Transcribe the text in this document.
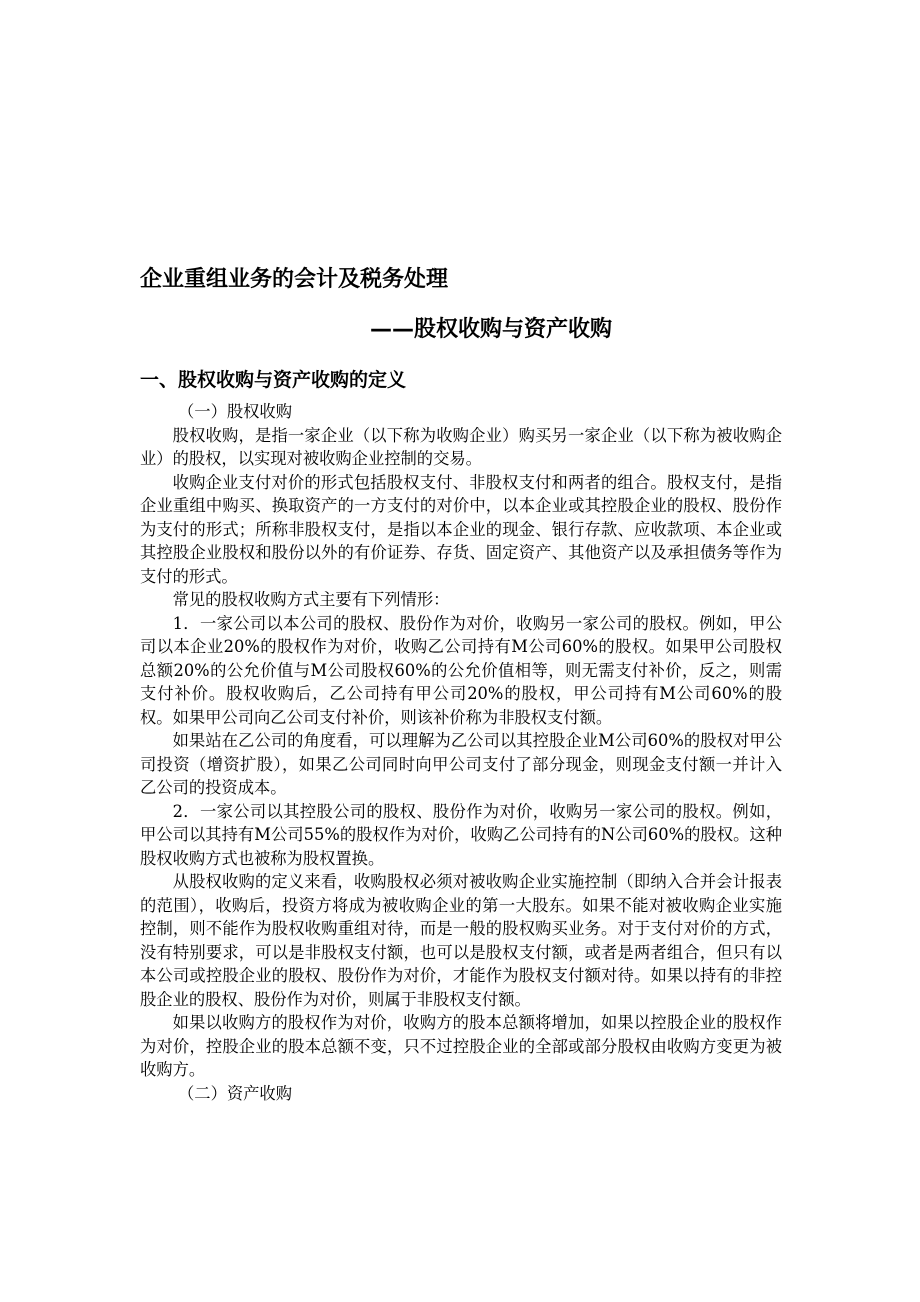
企业重组业务的会计及税务处理
——股权收购与资产收购
一、股权收购与资产收购的定义

（一）股权收购

股权收购，是指一家企业（以下称为收购企业）购买另一家企业（以下称为被收购企业）的股权，以实现对被收购企业控制的交易。

收购企业支付对价的形式包括股权支付、非股权支付和两者的组合。股权支付，是指企业重组中购买、换取资产的一方支付的对价中，以本企业或其控股企业的股权、股份作为支付的形式；所称非股权支付，是指以本企业的现金、银行存款、应收款项、本企业或其控股企业股权和股份以外的有价证券、存货、固定资产、其他资产以及承担债务等作为支付的形式。

常见的股权收购方式主要有下列情形：

1．一家公司以本公司的股权、股份作为对价，收购另一家公司的股权。例如，甲公司以本企业20%的股权作为对价，收购乙公司持有M公司60%的股权。如果甲公司股权总额20%的公允价值与M公司股权60%的公允价值相等，则无需支付补价，反之，则需支付补价。股权收购后，乙公司持有甲公司20%的股权，甲公司持有M公司60%的股权。如果甲公司向乙公司支付补价，则该补价称为非股权支付额。

如果站在乙公司的角度看，可以理解为乙公司以其控股企业M公司60%的股权对甲公司投资（增资扩股），如果乙公司同时向甲公司支付了部分现金，则现金支付额一并计入乙公司的投资成本。

2．一家公司以其控股公司的股权、股份作为对价，收购另一家公司的股权。例如，甲公司以其持有M公司55%的股权作为对价，收购乙公司持有的N公司60%的股权。这种股权收购方式也被称为股权置换。

从股权收购的定义来看，收购股权必须对被收购企业实施控制（即纳入合并会计报表的范围），收购后，投资方将成为被收购企业的第一大股东。如果不能对被收购企业实施控制，则不能作为股权收购重组对待，而是一般的股权购买业务。对于支付对价的方式，没有特别要求，可以是非股权支付额，也可以是股权支付额，或者是两者组合，但只有以本公司或控股企业的股权、股份作为对价，才能作为股权支付额对待。如果以持有的非控股企业的股权、股份作为对价，则属于非股权支付额。

如果以收购方的股权作为对价，收购方的股本总额将增加，如果以控股企业的股权作为对价，控股企业的股本总额不变，只不过控股企业的全部或部分股权由收购方变更为被收购方。

（二）资产收购
